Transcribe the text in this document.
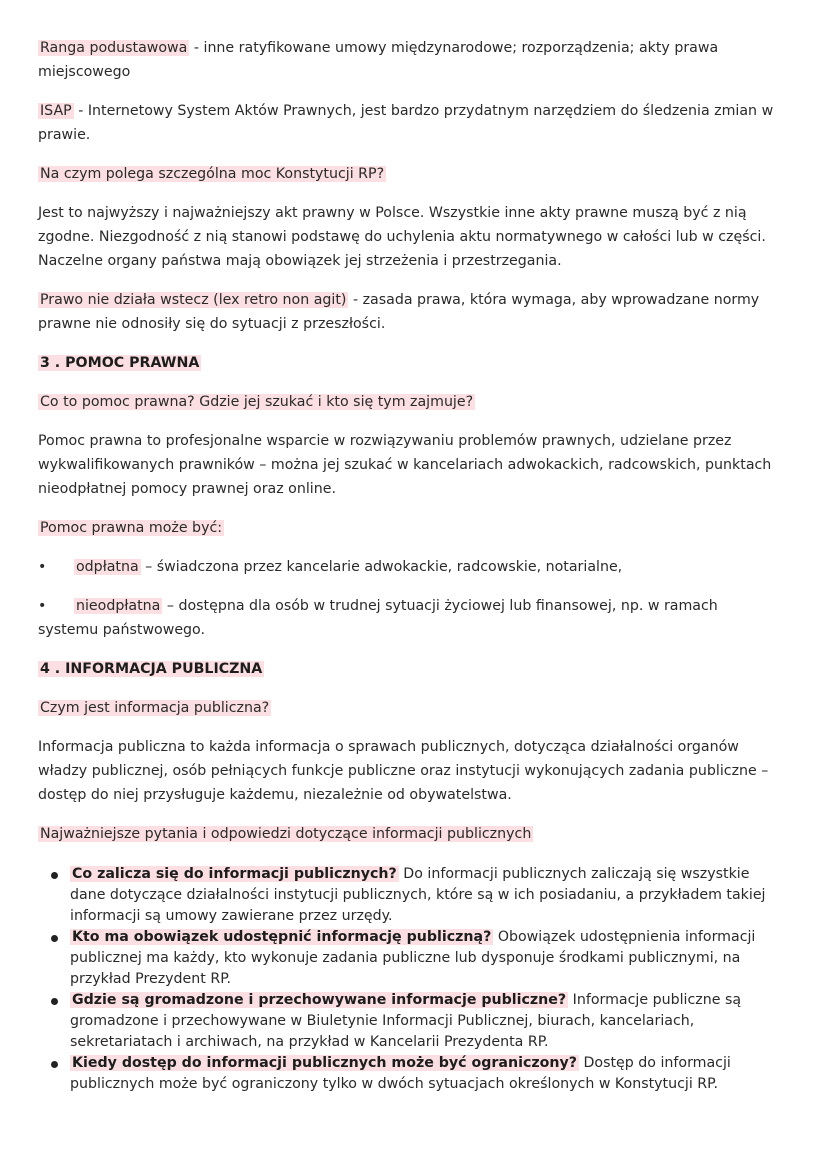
Ranga podustawowa - inne ratyfikowane umowy międzynarodowe; rozporządzenia; akty prawa miejscowego

ISAP - Internetowy System Aktów Prawnych, jest bardzo przydatnym narzędziem do śledzenia zmian w prawie.

Na czym polega szczególna moc Konstytucji RP?

Jest to najwyższy i najważniejszy akt prawny w Polsce. Wszystkie inne akty prawne muszą być z nią zgodne. Niezgodność z nią stanowi podstawę do uchylenia aktu normatywnego w całości lub w części. Naczelne organy państwa mają obowiązek jej strzeżenia i przestrzegania.

Prawo nie działa wstecz (lex retro non agit) - zasada prawa, która wymaga, aby wprowadzane normy prawne nie odnosiły się do sytuacji z przeszłości.

3 . POMOC PRAWNA

Co to pomoc prawna? Gdzie jej szukać i kto się tym zajmuje?

Pomoc prawna to profesjonalne wsparcie w rozwiązywaniu problemów prawnych, udzielane przez wykwalifikowanych prawników – można jej szukać w kancelariach adwokackich, radcowskich, punktach nieodpłatnej pomocy prawnej oraz online.

Pomoc prawna może być:

• odpłatna – świadczona przez kancelarie adwokackie, radcowskie, notarialne,
• nieodpłatna – dostępna dla osób w trudnej sytuacji życiowej lub finansowej, np. w ramach systemu państwowego.

4 . INFORMACJA PUBLICZNA

Czym jest informacja publiczna?

Informacja publiczna to każda informacja o sprawach publicznych, dotycząca działalności organów władzy publicznej, osób pełniących funkcje publiczne oraz instytucji wykonujących zadania publiczne – dostęp do niej przysługuje każdemu, niezależnie od obywatelstwa.

Najważniejsze pytania i odpowiedzi dotyczące informacji publicznych

Co zalicza się do informacji publicznych? Do informacji publicznych zaliczają się wszystkie dane dotyczące działalności instytucji publicznych, które są w ich posiadaniu, a przykładem takiej informacji są umowy zawierane przez urzędy.
Kto ma obowiązek udostępnić informację publiczną? Obowiązek udostępnienia informacji publicznej ma każdy, kto wykonuje zadania publiczne lub dysponuje środkami publicznymi, na przykład Prezydent RP.
Gdzie są gromadzone i przechowywane informacje publiczne? Informacje publiczne są gromadzone i przechowywane w Biuletynie Informacji Publicznej, biurach, kancelariach, sekretariatach i archiwach, na przykład w Kancelarii Prezydenta RP.
Kiedy dostęp do informacji publicznych może być ograniczony? Dostęp do informacji publicznych może być ograniczony tylko w dwóch sytuacjach określonych w Konstytucji RP.
